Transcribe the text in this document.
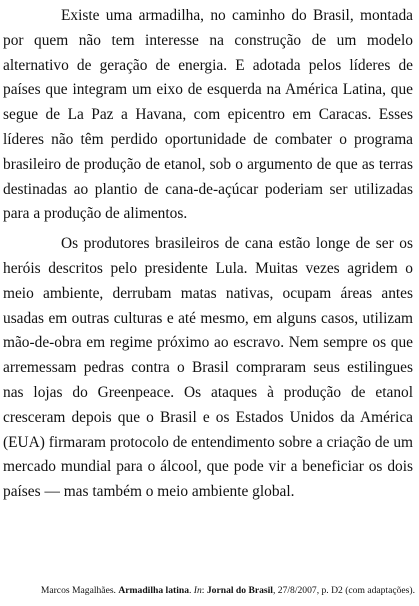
Existe uma armadilha, no caminho do Brasil, montada por quem não tem interesse na construção de um modelo alternativo de geração de energia. E adotada pelos líderes de países que integram um eixo de esquerda na América Latina, que segue de La Paz a Havana, com epicentro em Caracas. Esses líderes não têm perdido oportunidade de combater o programa brasileiro de produção de etanol, sob o argumento de que as terras destinadas ao plantio de cana-de-açúcar poderiam ser utilizadas para a produção de alimentos.

Os produtores brasileiros de cana estão longe de ser os heróis descritos pelo presidente Lula. Muitas vezes agridem o meio ambiente, derrubam matas nativas, ocupam áreas antes usadas em outras culturas e até mesmo, em alguns casos, utilizam mão-de-obra em regime próximo ao escravo. Nem sempre os que arremessam pedras contra o Brasil compraram seus estilingues nas lojas do Greenpeace. Os ataques à produção de etanol cresceram depois que o Brasil e os Estados Unidos da América (EUA) firmaram protocolo de entendimento sobre a criação de um mercado mundial para o álcool, que pode vir a beneficiar os dois países — mas também o meio ambiente global.

Marcos Magalhães. Armadilha latina. In: Jornal do Brasil, 27/8/2007, p. D2 (com adaptações).
